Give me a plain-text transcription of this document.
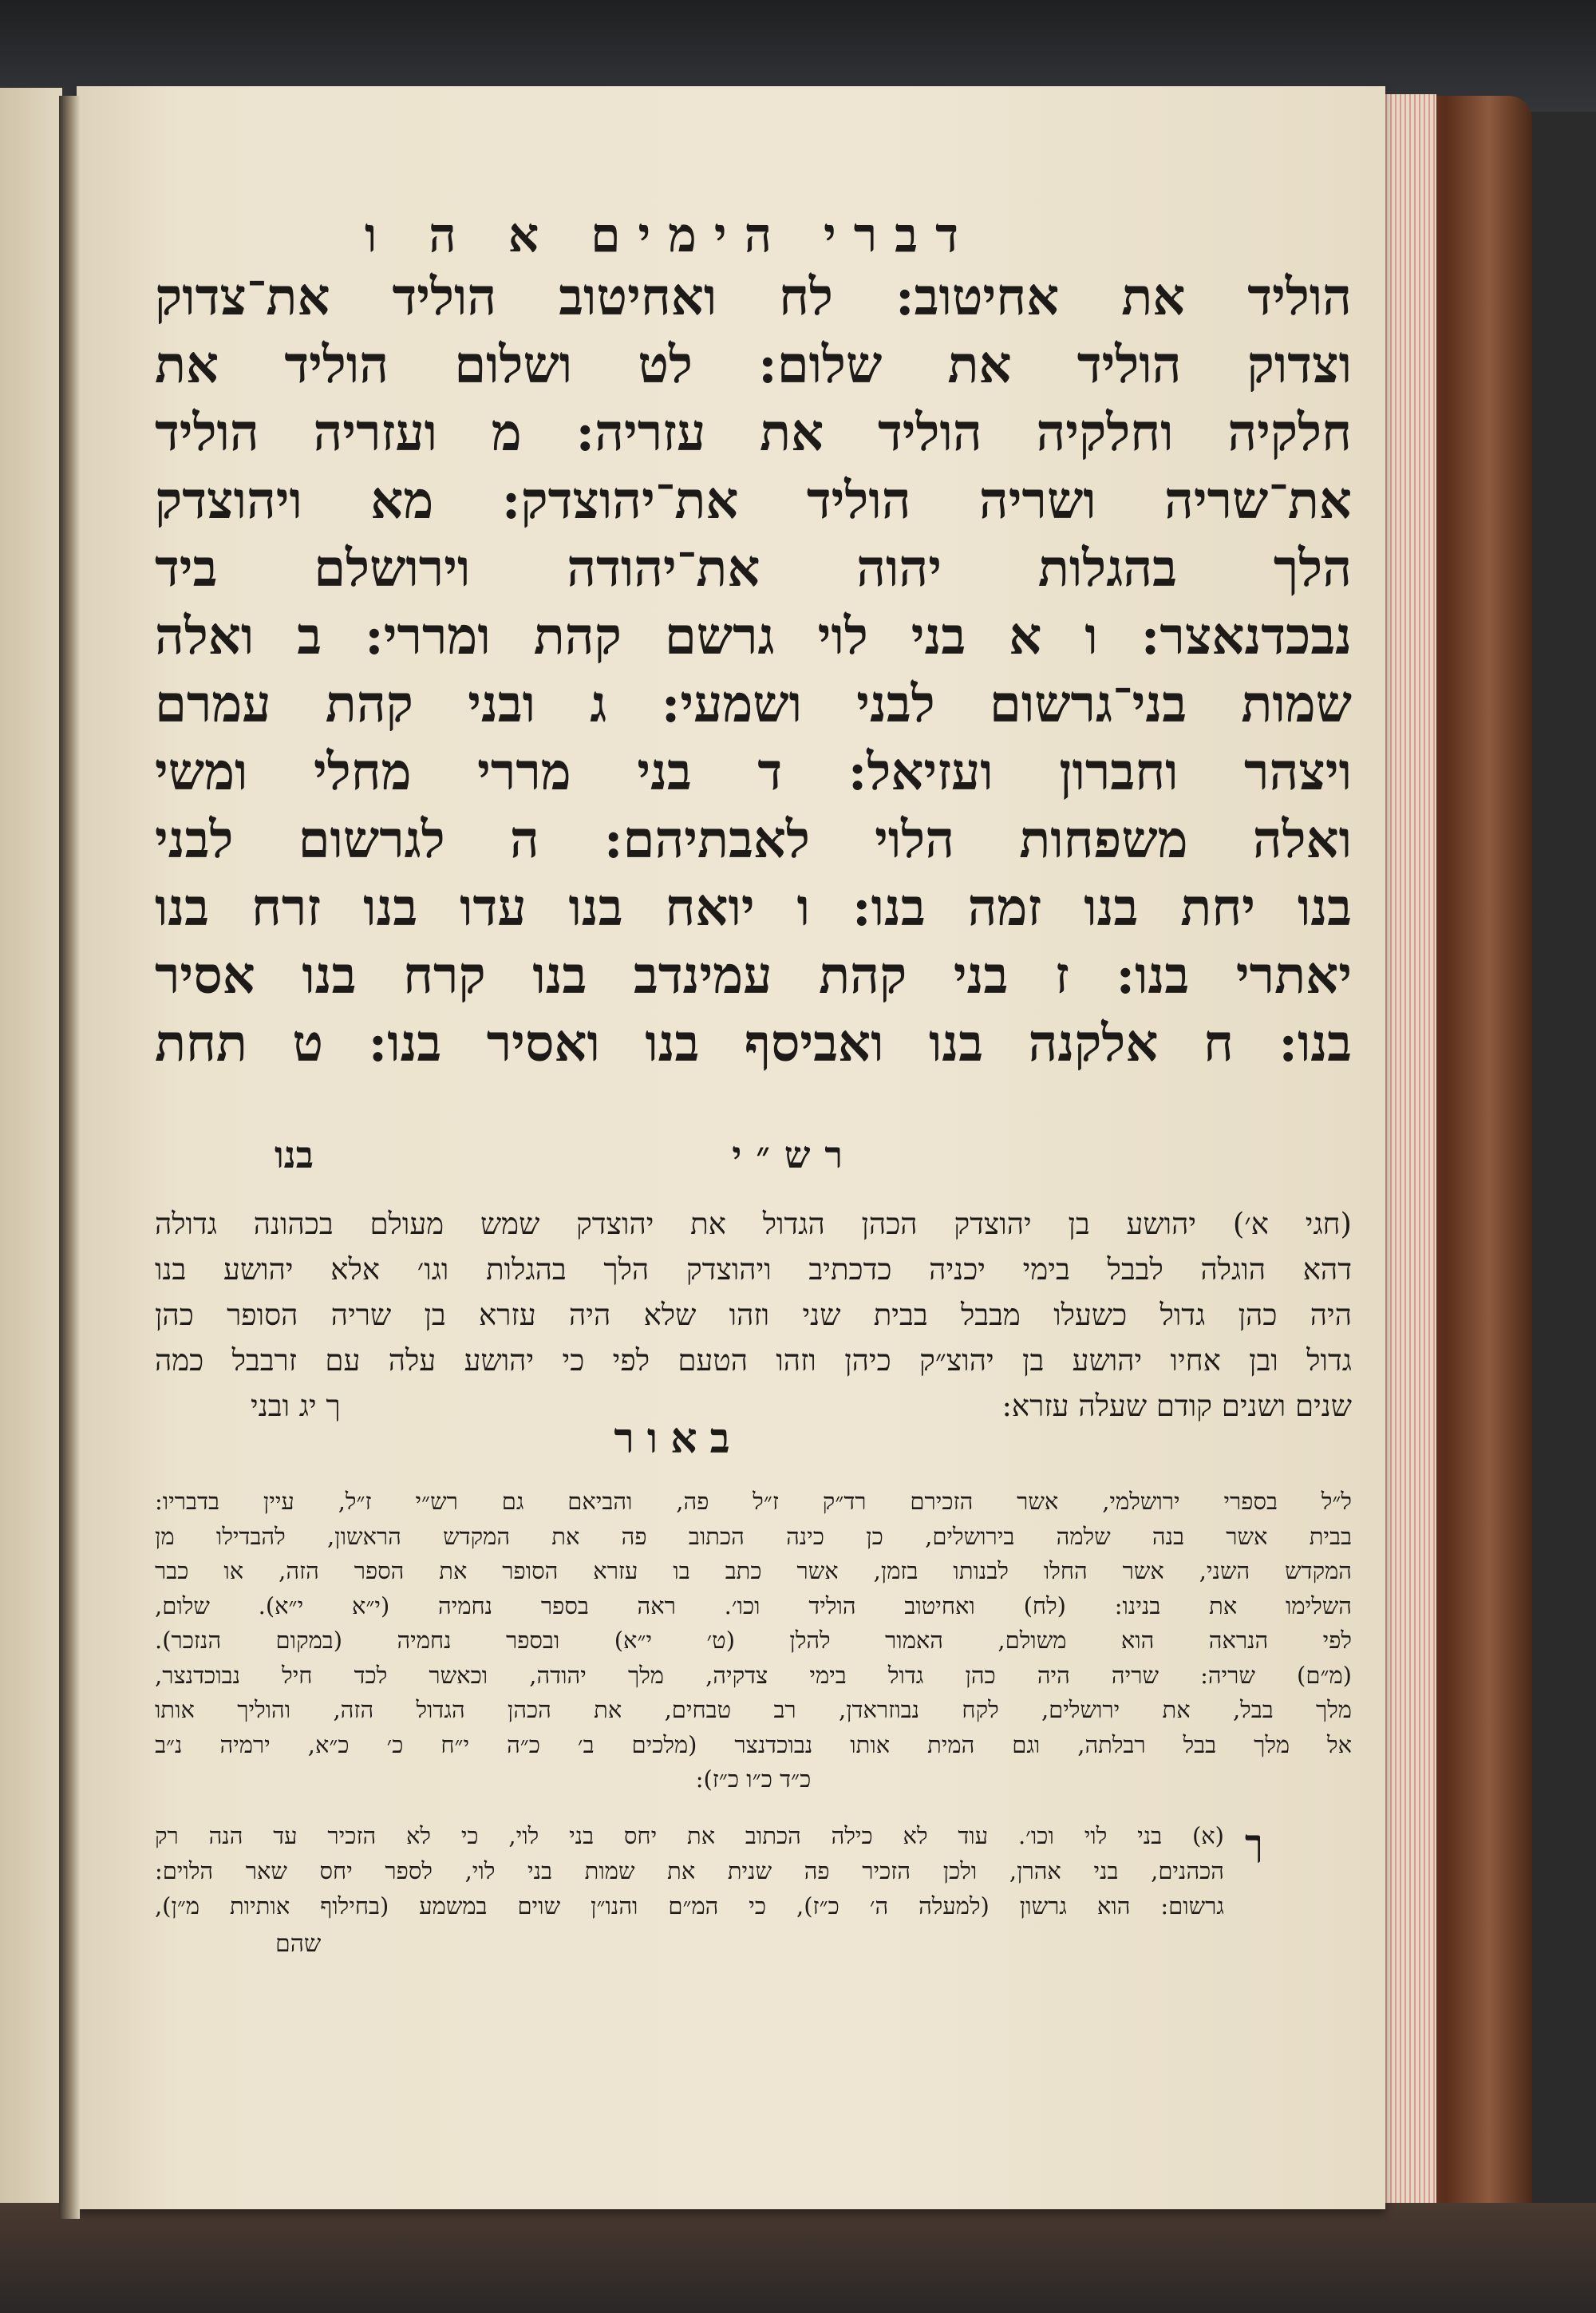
דברי הימים א ה ו
הוליד את אחיטוב: לח ואחיטוב הוליד את־צדוק
וצדוק הוליד את שלום: לט ושלום הוליד את
חלקיה וחלקיה הוליד את עזריה: מ ועזריה הוליד
את־שריה ושריה הוליד את־יהוצדק: מא ויהוצדק
הלך בהגלות יהוה את־יהודה וירושלם ביד
נבכדנאצר: ו א בני לוי גרשם קהת ומררי: ב ואלה
שמות בני־גרשום לבני ושמעי: ג ובני קהת עמרם
ויצהר וחברון ועזיאל: ד בני מררי מחלי ומשי
ואלה משפחות הלוי לאבתיהם: ה לגרשום לבני
בנו יחת בנו זמה בנו: ו יואח בנו עדו בנו זרח בנו
יאתרי בנו: ז בני קהת עמינדב בנו קרח בנו אסיר
בנו: ח אלקנה בנו ואביסף בנו ואסיר בנו: ט תחת
רש״י
בנו
(חגי א׳) יהושע בן יהוצדק הכהן הגדול את יהוצדק שמש מעולם בכהונה גדולה
דהא הוגלה לבבל בימי יכניה כדכתיב ויהוצדק הלך בהגלות וגו׳ אלא יהושע בנו
היה כהן גדול כשעלו מבבל בבית שני וזהו שלא היה עזרא בן שריה הסופר כהן
גדול ובן אחיו יהושע בן יהוצ״ק כיהן וזהו הטעם לפי כי יהושע עלה עם זרבבל כמה
שנים ושנים קודם שעלה עזרא:
ך יג ובני
באור
ל״ל בספרי ירושלמי, אשר הזכירם רד״ק ז״ל פה, והביאם גם רש״י ז״ל, עיין בדבריו:
בבית אשר בנה שלמה בירושלים, כן כינה הכתוב פה את המקדש הראשון, להבדילו מן
המקדש השני, אשר החלו לבנותו בזמן, אשר כתב בו עזרא הסופר את הספר הזה, או כבר
השלימו את בנינו: (לח) ואחיטוב הוליד וכו׳. ראה בספר נחמיה (י״א י״א). שלום,
לפי הנראה הוא משולם, האמור להלן (ט׳ י״א) ובספר נחמיה (במקום הנזכר).
(מ״ם) שריה: שריה היה כהן גדול בימי צדקיה, מלך יהודה, וכאשר לכד חיל נבוכדנצר,
מלך בבל, את ירושלים, לקח נבוזראדן, רב טבחים, את הכהן הגדול הזה, והוליך אותו
אל מלך בבל רבלתה, וגם המית אותו נבוכדנצר (מלכים ב׳ כ״ה י״ח כ׳ כ״א, ירמיה נ״ב
כ״ד כ״ו כ״ז):
ך
(א) בני לוי וכו׳. עוד לא כילה הכתוב את יחס בני לוי, כי לא הזכיר עד הנה רק
הכהנים, בני אהרן, ולכן הזכיר פה שנית את שמות בני לוי, לספר יחס שאר הלוים:
גרשום: הוא גרשון (למעלה ה׳ כ״ז), כי המ״ם והנו״ן שוים במשמע (בחילוף אותיות מ״ן),
שהם
